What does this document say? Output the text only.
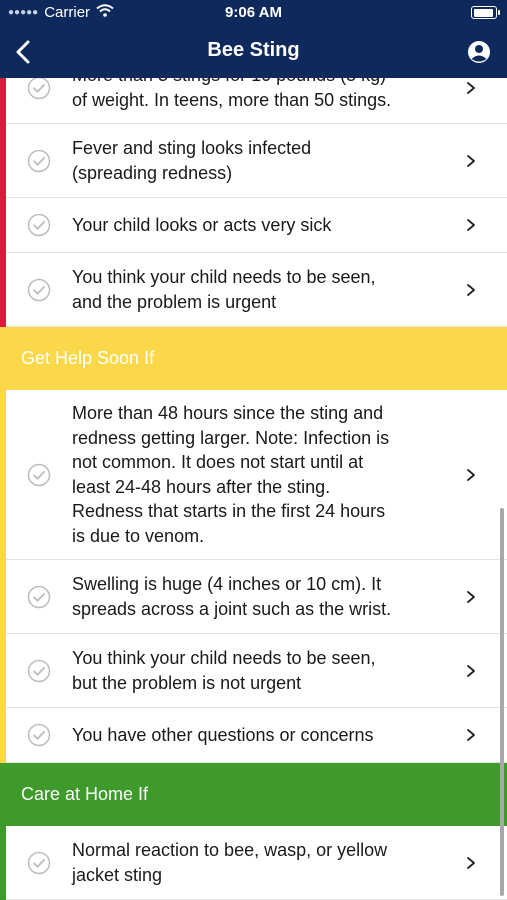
●●●●● Carrier	9:06 AM
Bee Sting
of weight. In teens, more than 50 stings.
Fever and sting looks infected
(spreading redness)
Your child looks or acts very sick
You think your child needs to be seen,
and the problem is urgent
Get Help Soon If
More than 48 hours since the sting and
redness getting larger. Note: Infection is
not common. It does not start until at
least 24-48 hours after the sting.
Redness that starts in the first 24 hours
is due to venom.
Swelling is huge (4 inches or 10 cm). It
spreads across a joint such as the wrist.
You think your child needs to be seen,
but the problem is not urgent
You have other questions or concerns
Care at Home If
Normal reaction to bee, wasp, or yellow
jacket sting
